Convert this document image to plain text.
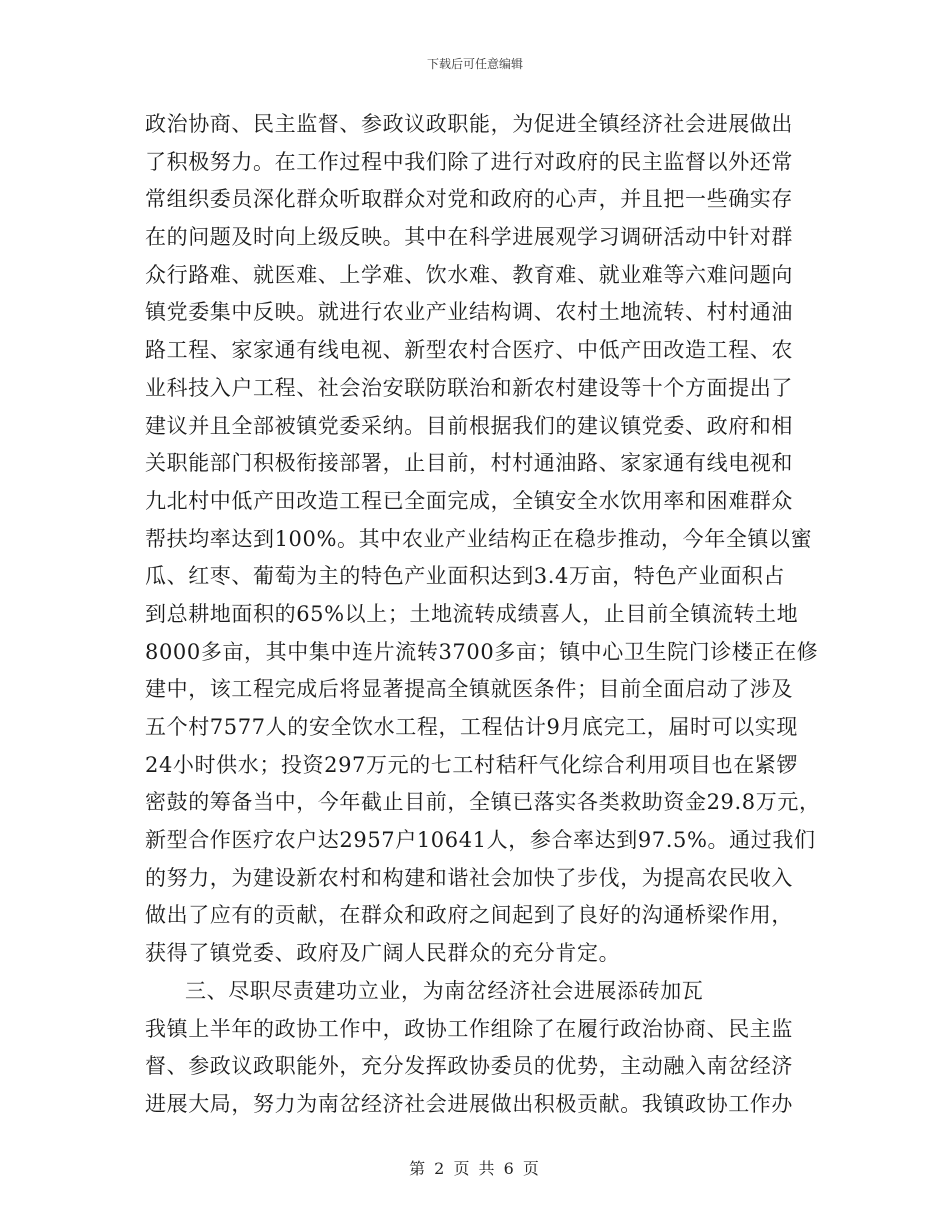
下载后可任意编辑
政治协商、民主监督、参政议政职能，为促进全镇经济社会进展做出
了积极努力。在工作过程中我们除了进行对政府的民主监督以外还常
常组织委员深化群众听取群众对党和政府的心声，并且把一些确实存
在的问题及时向上级反映。其中在科学进展观学习调研活动中针对群
众行路难、就医难、上学难、饮水难、教育难、就业难等六难问题向
镇党委集中反映。就进行农业产业结构调、农村土地流转、村村通油
路工程、家家通有线电视、新型农村合医疗、中低产田改造工程、农
业科技入户工程、社会治安联防联治和新农村建设等十个方面提出了
建议并且全部被镇党委采纳。目前根据我们的建议镇党委、政府和相
关职能部门积极衔接部署，止目前，村村通油路、家家通有线电视和
九北村中低产田改造工程已全面完成，全镇安全水饮用率和困难群众
帮扶均率达到100%。其中农业产业结构正在稳步推动，今年全镇以蜜
瓜、红枣、葡萄为主的特色产业面积达到3.4万亩，特色产业面积占
到总耕地面积的65%以上；土地流转成绩喜人，止目前全镇流转土地
8000多亩，其中集中连片流转3700多亩；镇中心卫生院门诊楼正在修
建中，该工程完成后将显著提高全镇就医条件；目前全面启动了涉及
五个村7577人的安全饮水工程，工程估计9月底完工，届时可以实现
24小时供水；投资297万元的七工村秸秆气化综合利用项目也在紧锣
密鼓的筹备当中，今年截止目前，全镇已落实各类救助资金29.8万元，
新型合作医疗农户达2957户10641人，参合率达到97.5%。通过我们
的努力，为建设新农村和构建和谐社会加快了步伐，为提高农民收入
做出了应有的贡献，在群众和政府之间起到了良好的沟通桥梁作用，
获得了镇党委、政府及广阔人民群众的充分肯定。
三、尽职尽责建功立业，为南岔经济社会进展添砖加瓦
我镇上半年的政协工作中，政协工作组除了在履行政治协商、民主监
督、参政议政职能外，充分发挥政协委员的优势，主动融入南岔经济
进展大局，努力为南岔经济社会进展做出积极贡献。我镇政协工作办
第 2 页 共 6 页
